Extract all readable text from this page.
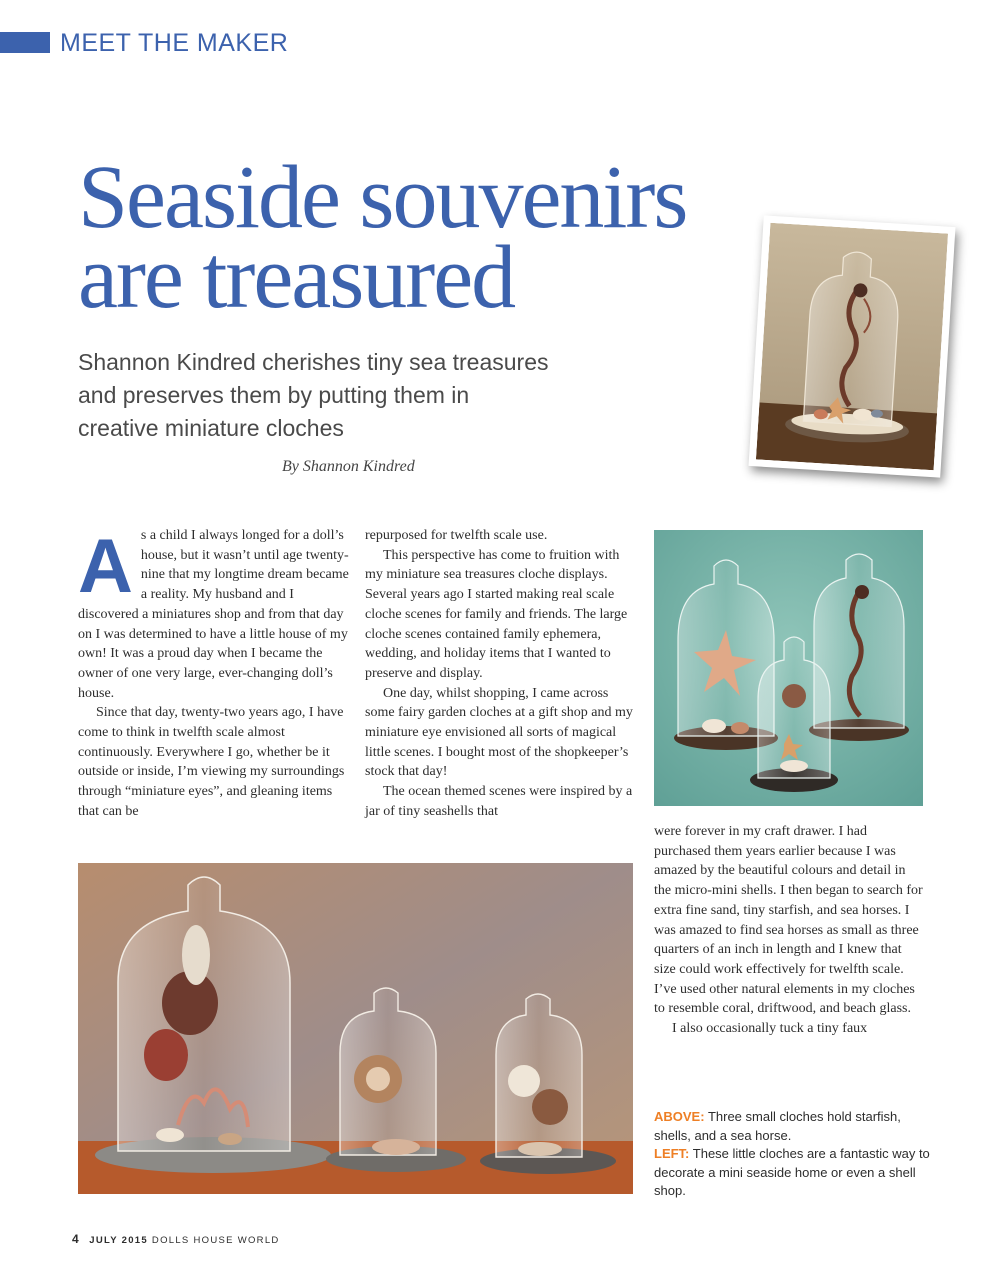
MEET THE MAKER
Seaside souvenirs
are treasured

Shannon Kindred cherishes tiny sea treasures
and preserves them by putting them in
creative miniature cloches

By Shannon Kindred

As a child I always longed for a doll’s house, but it wasn’t until age twenty-nine that my longtime dream became a reality. My husband and I discovered a miniatures shop and from that day on I was determined to have a little house of my own! It was a proud day when I became the owner of one very large, ever-changing doll’s house.

Since that day, twenty-two years ago, I have come to think in twelfth scale almost continuously. Everywhere I go, whether be it outside or inside, I’m viewing my surroundings through “miniature eyes”, and gleaning items that can be

repurposed for twelfth scale use.

This perspective has come to fruition with my miniature sea treasures cloche displays. Several years ago I started making real scale cloche scenes for family and friends. The large cloche scenes contained family ephemera, wedding, and holiday items that I wanted to preserve and display.

One day, whilst shopping, I came across some fairy garden cloches at a gift shop and my miniature eye envisioned all sorts of magical little scenes. I bought most of the shopkeeper’s stock that day!

The ocean themed scenes were inspired by a jar of tiny seashells that

were forever in my craft drawer. I had purchased them years earlier because I was amazed by the beautiful colours and detail in the micro-mini shells. I then began to search for extra fine sand, tiny starfish, and sea horses. I was amazed to find sea horses as small as three quarters of an inch in length and I knew that size could work effectively for twelfth scale. I’ve used other natural elements in my cloches to resemble coral, driftwood, and beach glass.

I also occasionally tuck a tiny faux

ABOVE: Three small cloches hold starfish, shells, and a sea horse.
LEFT: These little cloches are a fantastic way to decorate a mini seaside home or even a shell shop.
4 JULY 2015 DOLLS HOUSE WORLD
